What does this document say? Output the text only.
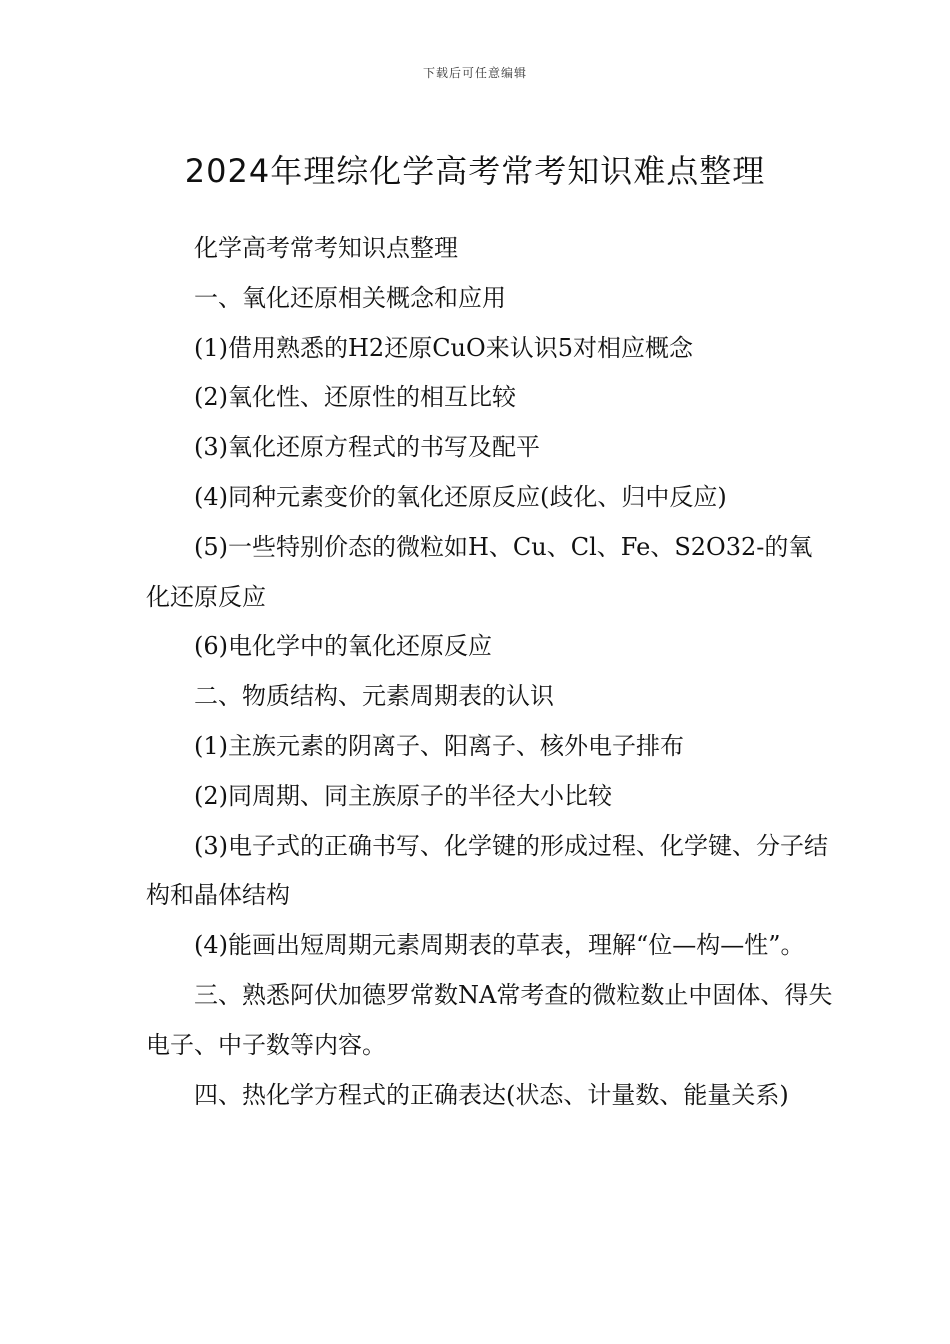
下载后可任意编辑
2024年理综化学高考常考知识难点整理

化学高考常考知识点整理

一、氧化还原相关概念和应用

(1)借用熟悉的H2还原CuO来认识5对相应概念

(2)氧化性、还原性的相互比较

(3)氧化还原方程式的书写及配平

(4)同种元素变价的氧化还原反应(歧化、归中反应)

(5)一些特别价态的微粒如H、Cu、Cl、Fe、S2O32-的氧化还原反应

(6)电化学中的氧化还原反应

二、物质结构、元素周期表的认识

(1)主族元素的阴离子、阳离子、核外电子排布

(2)同周期、同主族原子的半径大小比较

(3)电子式的正确书写、化学键的形成过程、化学键、分子结构和晶体结构

(4)能画出短周期元素周期表的草表，理解“位—构—性”。

三、熟悉阿伏加德罗常数NA常考查的微粒数止中固体、得失电子、中子数等内容。

四、热化学方程式的正确表达(状态、计量数、能量关系)
